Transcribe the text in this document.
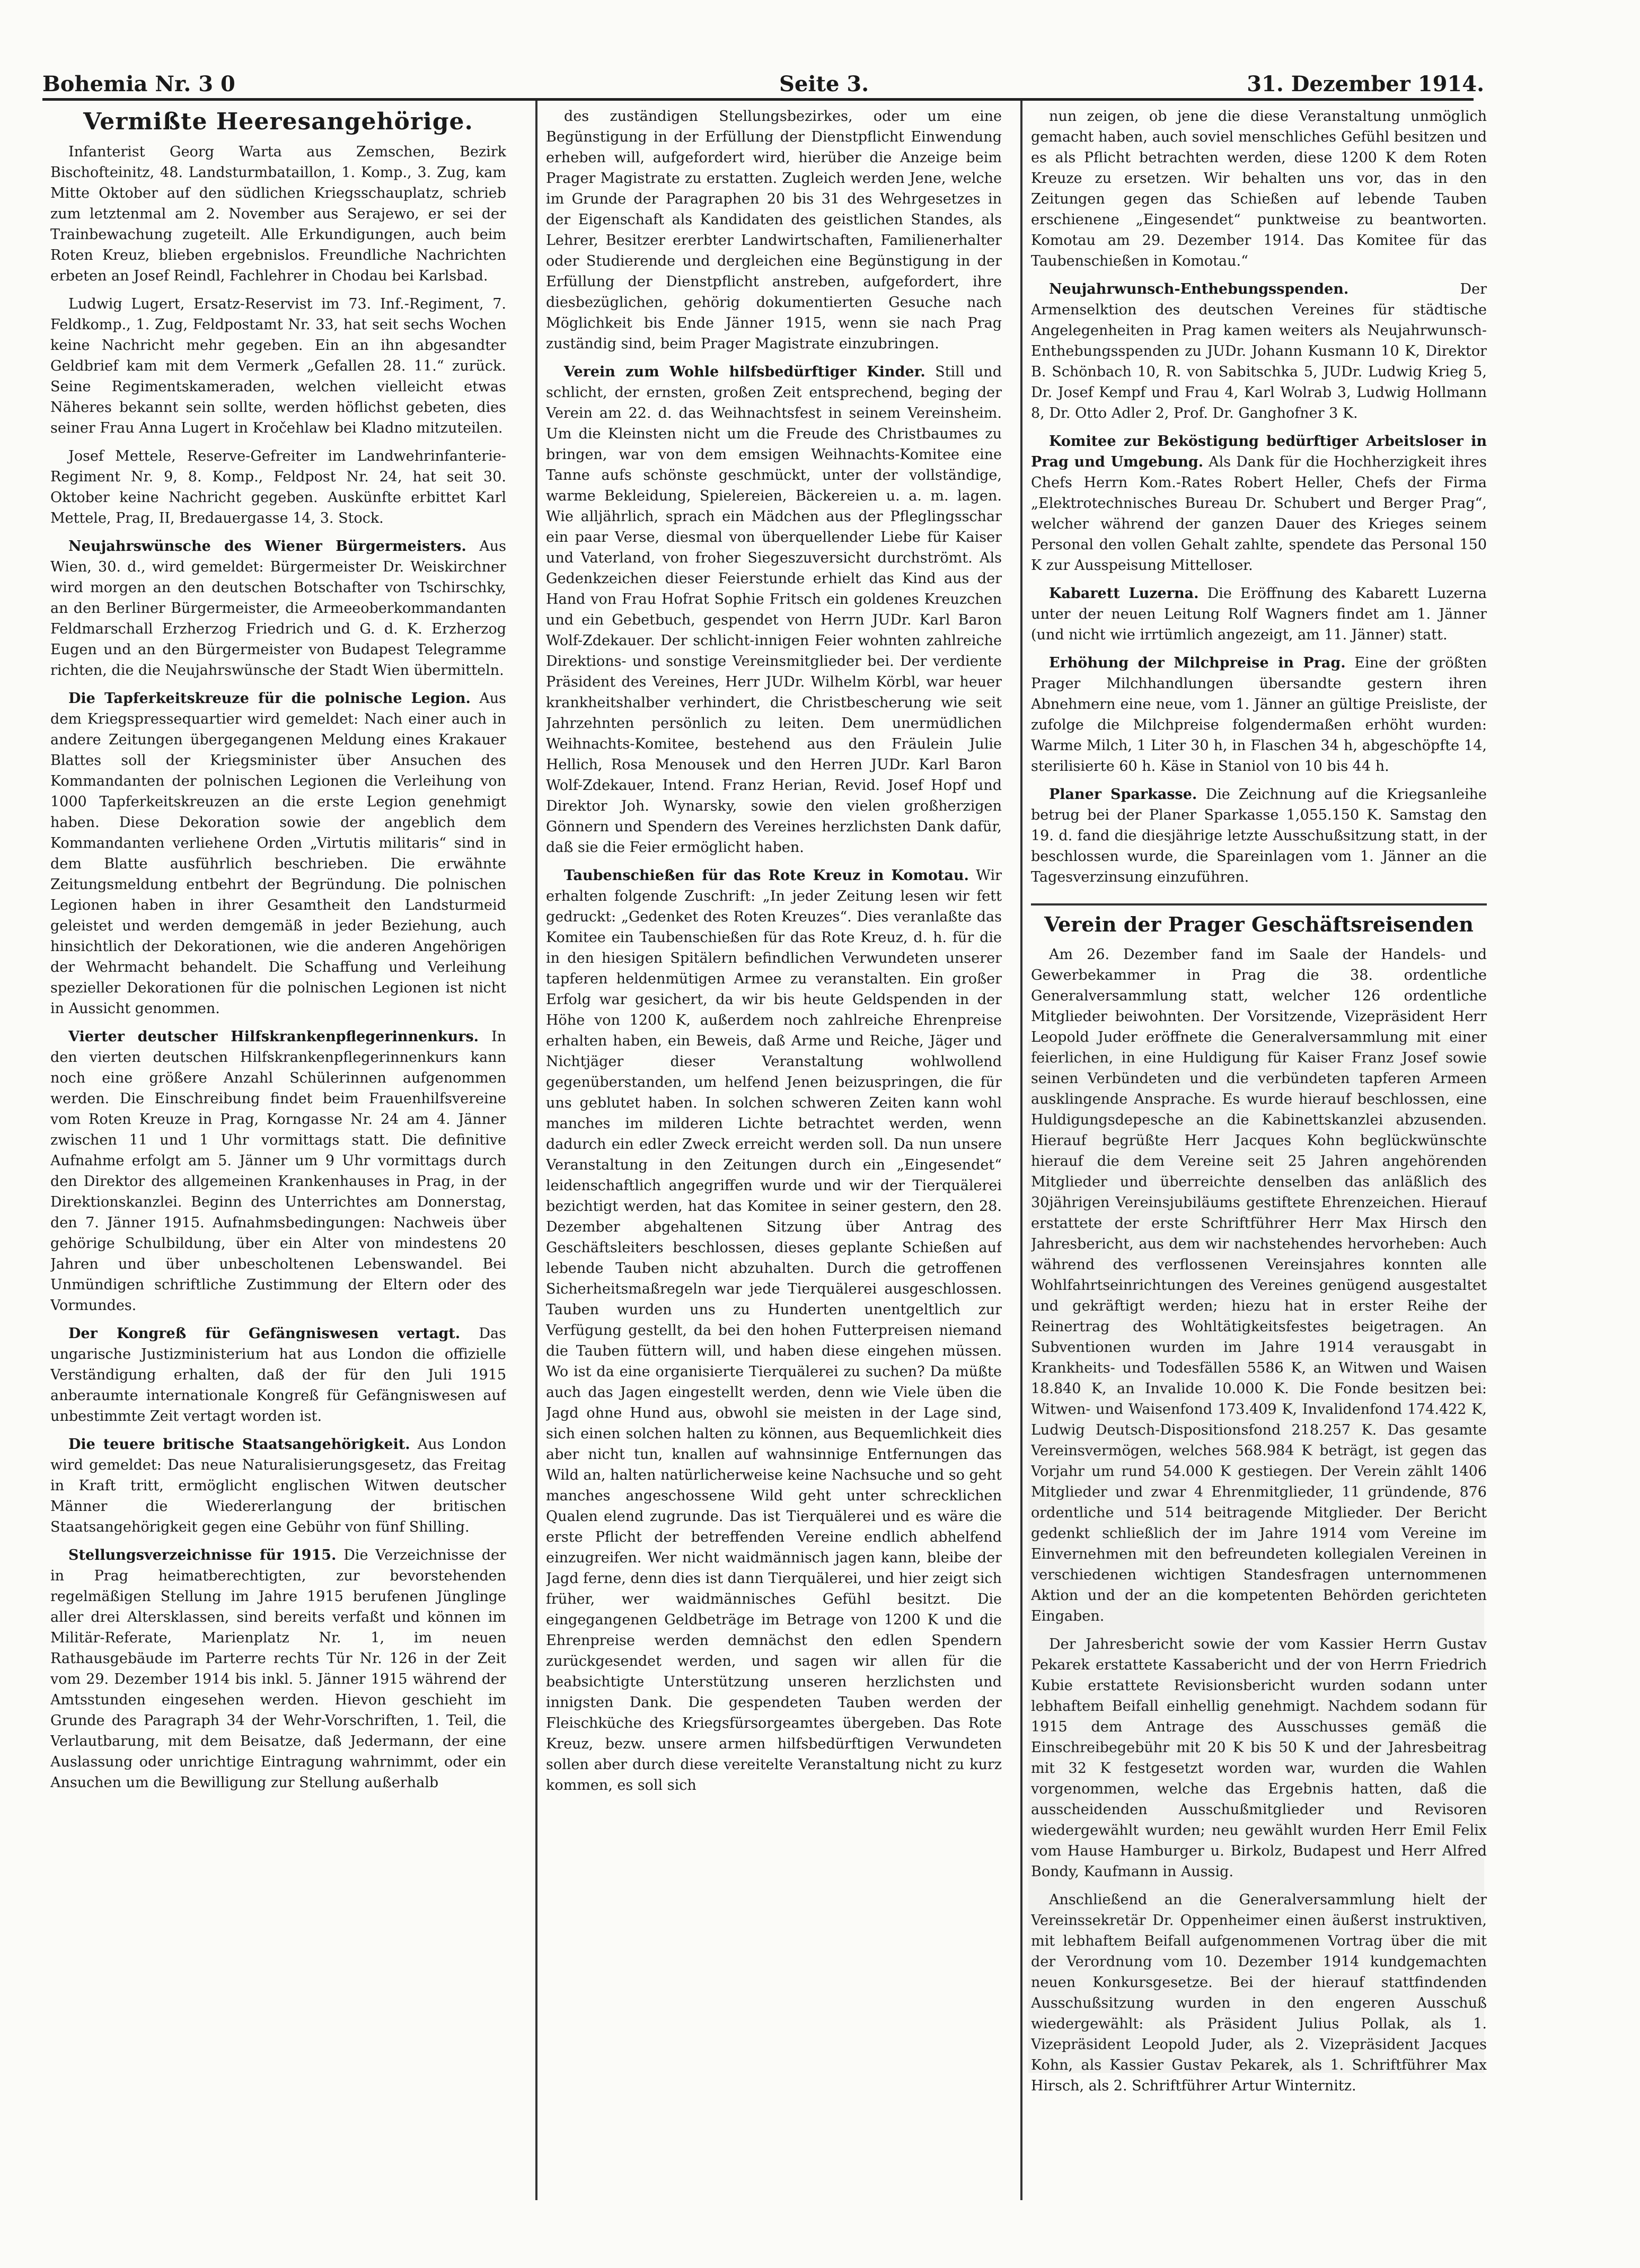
Bohemia Nr. 3 0	Seite 3.	31. Dezember 1914.
Vermißte Heeresangehörige.

Infanterist Georg Warta aus Zemschen, Bezirk Bischofteinitz, 48. Landsturmbataillon, 1. Komp., 3. Zug, kam Mitte Oktober auf den südlichen Kriegsschauplatz, schrieb zum letztenmal am 2. November aus Serajewo, er sei der Trainbewachung zugeteilt. Alle Erkundigungen, auch beim Roten Kreuz, blieben ergebnislos. Freundliche Nachrichten erbeten an Josef Reindl, Fachlehrer in Chodau bei Karlsbad.

Ludwig Lugert, Ersatz-Reservist im 73. Inf.-Regiment, 7. Feldkomp., 1. Zug, Feldpostamt Nr. 33, hat seit sechs Wochen keine Nachricht mehr gegeben. Ein an ihn abgesandter Geldbrief kam mit dem Vermerk „Gefallen 28. 11.“ zurück. Seine Regimentskameraden, welchen vielleicht etwas Näheres bekannt sein sollte, werden höflichst gebeten, dies seiner Frau Anna Lugert in Kročehlaw bei Kladno mitzuteilen.

Josef Mettele, Reserve-Gefreiter im Landwehrinfanterie-Regiment Nr. 9, 8. Komp., Feldpost Nr. 24, hat seit 30. Oktober keine Nachricht gegeben. Auskünfte erbittet Karl Mettele, Prag, II, Bredauergasse 14, 3. Stock.

Neujahrswünsche des Wiener Bürgermeisters. Aus Wien, 30. d., wird gemeldet: Bürgermeister Dr. Weiskirchner wird morgen an den deutschen Botschafter von Tschirschky, an den Berliner Bürgermeister, die Armeeoberkommandanten Feldmarschall Erzherzog Friedrich und G. d. K. Erzherzog Eugen und an den Bürgermeister von Budapest Telegramme richten, die die Neujahrswünsche der Stadt Wien übermitteln.

Die Tapferkeitskreuze für die polnische Legion. Aus dem Kriegspressequartier wird gemeldet: Nach einer auch in andere Zeitungen übergegangenen Meldung eines Krakauer Blattes soll der Kriegsminister über Ansuchen des Kommandanten der polnischen Legionen die Verleihung von 1000 Tapferkeitskreuzen an die erste Legion genehmigt haben. Diese Dekoration sowie der angeblich dem Kommandanten verliehene Orden „Virtutis militaris“ sind in dem Blatte ausführlich beschrieben. Die erwähnte Zeitungsmeldung entbehrt der Begründung. Die polnischen Legionen haben in ihrer Gesamtheit den Landsturmeid geleistet und werden demgemäß in jeder Beziehung, auch hinsichtlich der Dekorationen, wie die anderen Angehörigen der Wehrmacht behandelt. Die Schaffung und Verleihung spezieller Dekorationen für die polnischen Legionen ist nicht in Aussicht genommen.

Vierter deutscher Hilfskrankenpflegerinnenkurs. In den vierten deutschen Hilfskrankenpflegerinnenkurs kann noch eine größere Anzahl Schülerinnen aufgenommen werden. Die Einschreibung findet beim Frauenhilfsvereine vom Roten Kreuze in Prag, Korngasse Nr. 24 am 4. Jänner zwischen 11 und 1 Uhr vormittags statt. Die definitive Aufnahme erfolgt am 5. Jänner um 9 Uhr vormittags durch den Direktor des allgemeinen Krankenhauses in Prag, in der Direktionskanzlei. Beginn des Unterrichtes am Donnerstag, den 7. Jänner 1915. Aufnahmsbedingungen: Nachweis über gehörige Schulbildung, über ein Alter von mindestens 20 Jahren und über unbescholtenen Lebenswandel. Bei Unmündigen schriftliche Zustimmung der Eltern oder des Vormundes.

Der Kongreß für Gefängniswesen vertagt. Das ungarische Justizministerium hat aus London die offizielle Verständigung erhalten, daß der für den Juli 1915 anberaumte internationale Kongreß für Gefängniswesen auf unbestimmte Zeit vertagt worden ist.

Die teuere britische Staatsangehörigkeit. Aus London wird gemeldet: Das neue Naturalisierungsgesetz, das Freitag in Kraft tritt, ermöglicht englischen Witwen deutscher Männer die Wiedererlangung der britischen Staatsangehörigkeit gegen eine Gebühr von fünf Shilling.

Stellungsverzeichnisse für 1915. Die Verzeichnisse der in Prag heimatberechtigten, zur bevorstehenden regelmäßigen Stellung im Jahre 1915 berufenen Jünglinge aller drei Altersklassen, sind bereits verfaßt und können im Militär-Referate, Marienplatz Nr. 1, im neuen Rathausgebäude im Parterre rechts Tür Nr. 126 in der Zeit vom 29. Dezember 1914 bis inkl. 5. Jänner 1915 während der Amtsstunden eingesehen werden. Hievon geschieht im Grunde des Paragraph 34 der Wehr-Vorschriften, 1. Teil, die Verlautbarung, mit dem Beisatze, daß Jedermann, der eine Auslassung oder unrichtige Eintragung wahrnimmt, oder ein Ansuchen um die Bewilligung zur Stellung außerhalb

des zuständigen Stellungsbezirkes, oder um eine Begünstigung in der Erfüllung der Dienstpflicht Einwendung erheben will, aufgefordert wird, hierüber die Anzeige beim Prager Magistrate zu erstatten. Zugleich werden Jene, welche im Grunde der Paragraphen 20 bis 31 des Wehrgesetzes in der Eigenschaft als Kandidaten des geistlichen Standes, als Lehrer, Besitzer ererbter Landwirtschaften, Familienerhalter oder Studierende und dergleichen eine Begünstigung in der Erfüllung der Dienstpflicht anstreben, aufgefordert, ihre diesbezüglichen, gehörig dokumentierten Gesuche nach Möglichkeit bis Ende Jänner 1915, wenn sie nach Prag zuständig sind, beim Prager Magistrate einzubringen.

Verein zum Wohle hilfsbedürftiger Kinder. Still und schlicht, der ernsten, großen Zeit entsprechend, beging der Verein am 22. d. das Weihnachtsfest in seinem Vereinsheim. Um die Kleinsten nicht um die Freude des Christbaumes zu bringen, war von dem emsigen Weihnachts-Komitee eine Tanne aufs schönste geschmückt, unter der vollständige, warme Bekleidung, Spielereien, Bäckereien u. a. m. lagen. Wie alljährlich, sprach ein Mädchen aus der Pfleglingsschar ein paar Verse, diesmal von überquellender Liebe für Kaiser und Vaterland, von froher Siegeszuversicht durchströmt. Als Gedenkzeichen dieser Feierstunde erhielt das Kind aus der Hand von Frau Hofrat Sophie Fritsch ein goldenes Kreuzchen und ein Gebetbuch, gespendet von Herrn JUDr. Karl Baron Wolf-Zdekauer. Der schlicht-innigen Feier wohnten zahlreiche Direktions- und sonstige Vereinsmitglieder bei. Der verdiente Präsident des Vereines, Herr JUDr. Wilhelm Körbl, war heuer krankheitshalber verhindert, die Christbescherung wie seit Jahrzehnten persönlich zu leiten. Dem unermüdlichen Weihnachts-Komitee, bestehend aus den Fräulein Julie Hellich, Rosa Menousek und den Herren JUDr. Karl Baron Wolf-Zdekauer, Intend. Franz Herian, Revid. Josef Hopf und Direktor Joh. Wynarsky, sowie den vielen großherzigen Gönnern und Spendern des Vereines herzlichsten Dank dafür, daß sie die Feier ermöglicht haben.

Taubenschießen für das Rote Kreuz in Komotau. Wir erhalten folgende Zuschrift: „In jeder Zeitung lesen wir fett gedruckt: „Gedenket des Roten Kreuzes“. Dies veranlaßte das Komitee ein Taubenschießen für das Rote Kreuz, d. h. für die in den hiesigen Spitälern befindlichen Verwundeten unserer tapferen heldenmütigen Armee zu veranstalten. Ein großer Erfolg war gesichert, da wir bis heute Geldspenden in der Höhe von 1200 K, außerdem noch zahlreiche Ehrenpreise erhalten haben, ein Beweis, daß Arme und Reiche, Jäger und Nichtjäger dieser Veranstaltung wohlwollend gegenüberstanden, um helfend Jenen beizuspringen, die für uns geblutet haben. In solchen schweren Zeiten kann wohl manches im milderen Lichte betrachtet werden, wenn dadurch ein edler Zweck erreicht werden soll. Da nun unsere Veranstaltung in den Zeitungen durch ein „Eingesendet“ leidenschaftlich angegriffen wurde und wir der Tierquälerei bezichtigt werden, hat das Komitee in seiner gestern, den 28. Dezember abgehaltenen Sitzung über Antrag des Geschäftsleiters beschlossen, dieses geplante Schießen auf lebende Tauben nicht abzuhalten. Durch die getroffenen Sicherheitsmaßregeln war jede Tierquälerei ausgeschlossen. Tauben wurden uns zu Hunderten unentgeltlich zur Verfügung gestellt, da bei den hohen Futterpreisen niemand die Tauben füttern will, und haben diese eingehen müssen. Wo ist da eine organisierte Tierquälerei zu suchen? Da müßte auch das Jagen eingestellt werden, denn wie Viele üben die Jagd ohne Hund aus, obwohl sie meisten in der Lage sind, sich einen solchen halten zu können, aus Bequemlichkeit dies aber nicht tun, knallen auf wahnsinnige Entfernungen das Wild an, halten natürlicherweise keine Nachsuche und so geht manches angeschossene Wild geht unter schrecklichen Qualen elend zugrunde. Das ist Tierquälerei und es wäre die erste Pflicht der betreffenden Vereine endlich abhelfend einzugreifen. Wer nicht waidmännisch jagen kann, bleibe der Jagd ferne, denn dies ist dann Tierquälerei, und hier zeigt sich früher, wer waidmännisches Gefühl besitzt. Die eingegangenen Geldbeträge im Betrage von 1200 K und die Ehrenpreise werden demnächst den edlen Spendern zurückgesendet werden, und sagen wir allen für die beabsichtigte Unterstützung unseren herzlichsten und innigsten Dank. Die gespendeten Tauben werden der Fleischküche des Kriegsfürsorgeamtes übergeben. Das Rote Kreuz, bezw. unsere armen hilfsbedürftigen Verwundeten sollen aber durch diese vereitelte Veranstaltung nicht zu kurz kommen, es soll sich

nun zeigen, ob jene die diese Veranstaltung unmöglich gemacht haben, auch soviel menschliches Gefühl besitzen und es als Pflicht betrachten werden, diese 1200 K dem Roten Kreuze zu ersetzen. Wir behalten uns vor, das in den Zeitungen gegen das Schießen auf lebende Tauben erschienene „Eingesendet“ punktweise zu beantworten. Komotau am 29. Dezember 1914. Das Komitee für das Taubenschießen in Komotau.“

Neujahrwunsch-Enthebungsspenden.	Der Armenselktion des deutschen Vereines für städtische Angelegenheiten in Prag kamen weiters als Neujahrwunsch-Enthebungsspenden zu JUDr. Johann Kusmann 10 K, Direktor B. Schönbach 10, R. von Sabitschka 5, JUDr. Ludwig Krieg 5, Dr. Josef Kempf und Frau 4, Karl Wolrab 3, Ludwig Hollmann 8, Dr. Otto Adler 2, Prof. Dr. Ganghofner 3 K.

Komitee zur Beköstigung bedürftiger Arbeitsloser in Prag und Umgebung. Als Dank für die Hochherzigkeit ihres Chefs Herrn Kom.-Rates Robert Heller, Chefs der Firma „Elektrotechnisches Bureau Dr. Schubert und Berger Prag“, welcher während der ganzen Dauer des Krieges seinem Personal den vollen Gehalt zahlte, spendete das Personal 150 K zur Ausspeisung Mittelloser.

Kabarett Luzerna. Die Eröffnung des Kabarett Luzerna unter der neuen Leitung Rolf Wagners findet am 1. Jänner (und nicht wie irrtümlich angezeigt, am 11. Jänner) statt.

Erhöhung der Milchpreise in Prag. Eine der größten Prager Milchhandlungen übersandte gestern ihren Abnehmern eine neue, vom 1. Jänner an gültige Preisliste, der zufolge die Milchpreise folgendermaßen erhöht wurden: Warme Milch, 1 Liter 30 h, in Flaschen 34 h, abgeschöpfte 14, sterilisierte 60 h. Käse in Staniol von 10 bis 44 h.

Planer Sparkasse. Die Zeichnung auf die Kriegsanleihe betrug bei der Planer Sparkasse 1,055.150 K. Samstag den 19. d. fand die diesjährige letzte Ausschußsitzung statt, in der beschlossen wurde, die Spareinlagen vom 1. Jänner an die Tagesverzinsung einzuführen.

Verein der Prager Geschäftsreisenden

Am 26. Dezember fand im Saale der Handels- und Gewerbekammer in Prag die 38. ordentliche Generalversammlung statt, welcher 126 ordentliche Mitglieder beiwohnten. Der Vorsitzende, Vizepräsident Herr Leopold Juder eröffnete die Generalversammlung mit einer feierlichen, in eine Huldigung für Kaiser Franz Josef sowie seinen Verbündeten und die verbündeten tapferen Armeen ausklingende Ansprache. Es wurde hierauf beschlossen, eine Huldigungsdepesche an die Kabinettskanzlei abzusenden. Hierauf begrüßte Herr Jacques Kohn beglückwünschte hierauf die dem Vereine seit 25 Jahren angehörenden Mitglieder und überreichte denselben das anläßlich des 30jährigen Vereinsjubiläums gestiftete Ehrenzeichen. Hierauf erstattete der erste Schriftführer Herr Max Hirsch den Jahresbericht, aus dem wir nachstehendes hervorheben: Auch während des verflossenen Vereinsjahres konnten alle Wohlfahrtseinrichtungen des Vereines genügend ausgestaltet und gekräftigt werden; hiezu hat in erster Reihe der Reinertrag des Wohltätigkeitsfestes beigetragen. An Subventionen wurden im Jahre 1914 verausgabt in Krankheits- und Todesfällen 5586 K, an Witwen und Waisen 18.840 K, an Invalide 10.000 K. Die Fonde besitzen bei: Witwen- und Waisenfond 173.409 K, Invalidenfond 174.422 K, Ludwig Deutsch-Dispositionsfond 218.257 K. Das gesamte Vereinsvermögen, welches 568.984 K beträgt, ist gegen das Vorjahr um rund 54.000 K gestiegen. Der Verein zählt 1406 Mitglieder und zwar 4 Ehrenmitglieder, 11 gründende, 876 ordentliche und 514 beitragende Mitglieder. Der Bericht gedenkt schließlich der im Jahre 1914 vom Vereine im Einvernehmen mit den befreundeten kollegialen Vereinen in verschiedenen wichtigen Standesfragen unternommenen Aktion und der an die kompetenten Behörden gerichteten Eingaben.

Der Jahresbericht sowie der vom Kassier Herrn Gustav Pekarek erstattete Kassabericht und der von Herrn Friedrich Kubie erstattete Revisionsbericht wurden sodann unter lebhaftem Beifall einhellig genehmigt. Nachdem sodann für 1915 dem Antrage des Ausschusses gemäß die Einschreibegebühr mit 20 K bis 50 K und der Jahresbeitrag mit 32 K festgesetzt worden war, wurden die Wahlen vorgenommen, welche das Ergebnis hatten, daß die ausscheidenden Ausschußmitglieder und Revisoren wiedergewählt wurden; neu gewählt wurden Herr Emil Felix vom Hause Hamburger u. Birkolz, Budapest und Herr Alfred Bondy, Kaufmann in Aussig.

Anschließend an die Generalversammlung hielt der Vereinssekretär Dr. Oppenheimer einen äußerst instruktiven, mit lebhaftem Beifall aufgenommenen Vortrag über die mit der Verordnung vom 10. Dezember 1914 kundgemachten neuen Konkursgesetze. Bei der hierauf stattfindenden Ausschußsitzung wurden in den engeren Ausschuß wiedergewählt: als Präsident Julius Pollak, als 1. Vizepräsident Leopold Juder, als 2. Vizepräsident Jacques Kohn, als Kassier Gustav Pekarek, als 1. Schriftführer Max Hirsch, als 2. Schriftführer Artur Winternitz.
